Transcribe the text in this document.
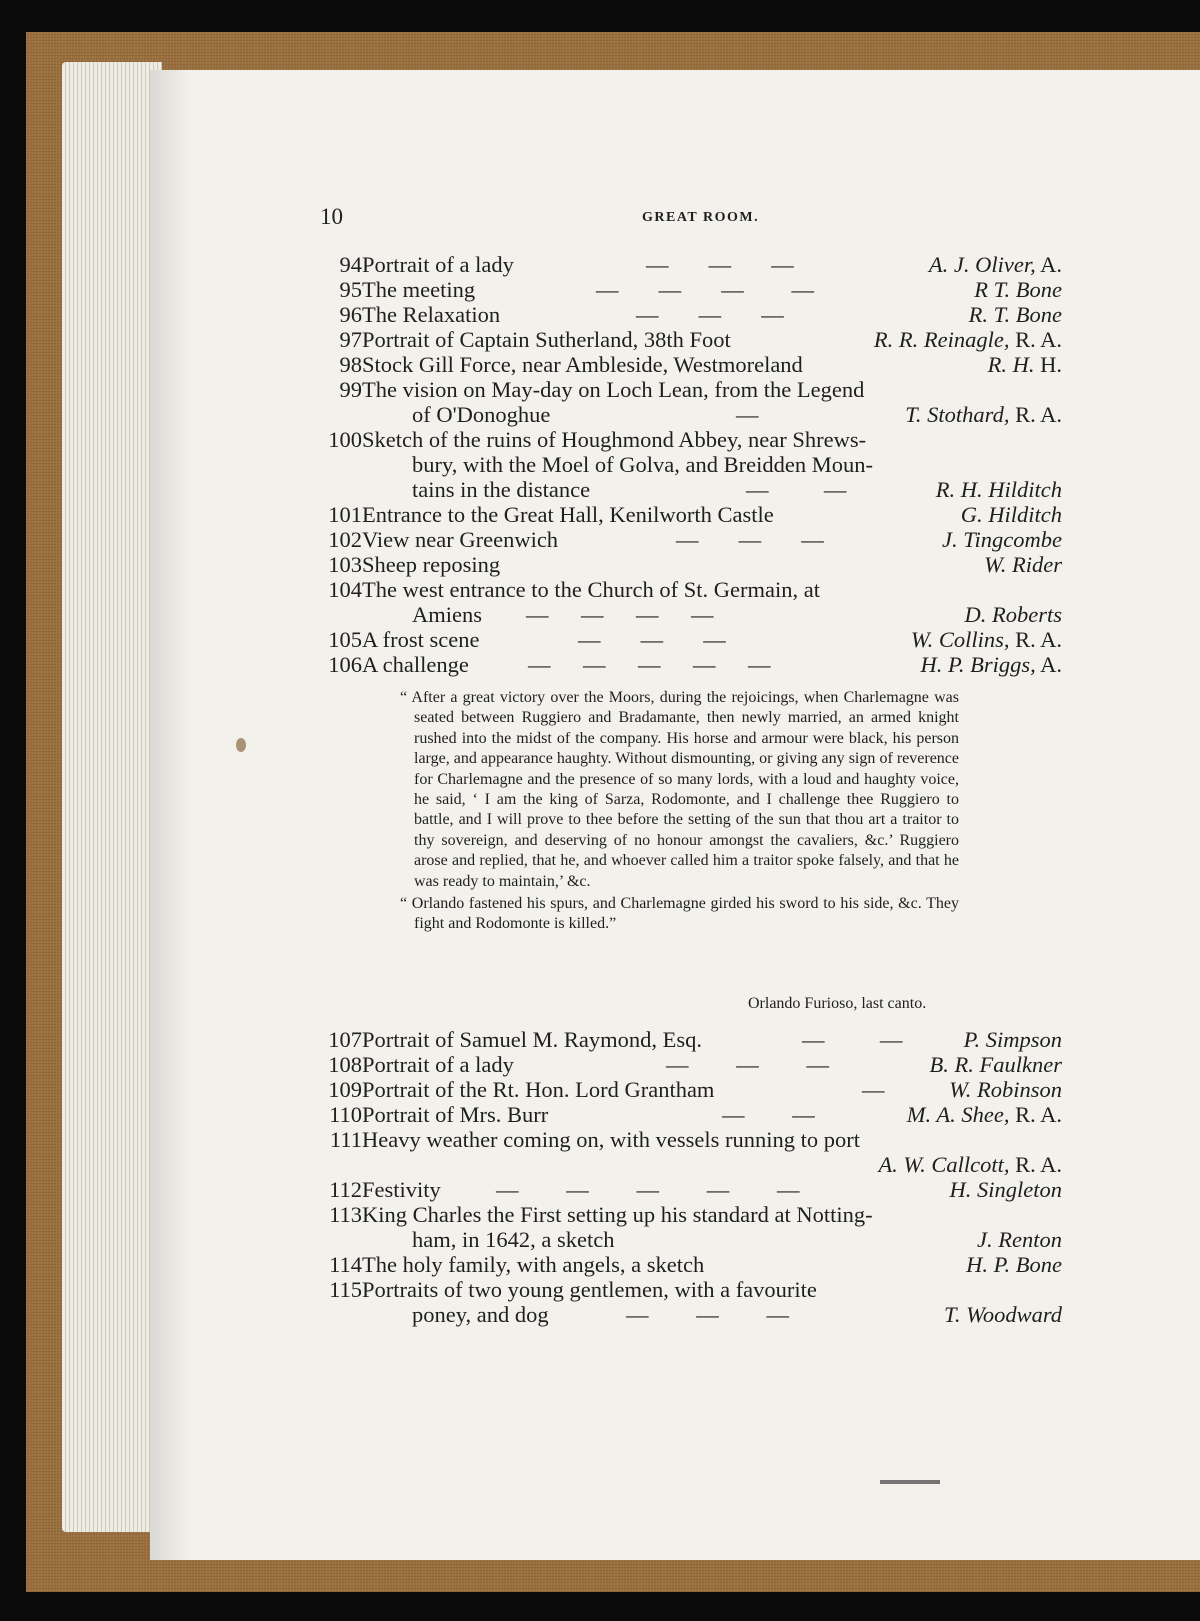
10	GREAT ROOM.
94 Portrait of a lady	—     —     —	A. J. Oliver, A.
95 The meeting	—     —     —      —	R T. Bone
96 The Relaxation	—     —     —	R. T. Bone
97 Portrait of Captain Sutherland, 38th Foot	R. R. Reinagle, R. A.
98 Stock Gill Force, near Ambleside, Westmoreland	R. H. H.
99 The vision on May-day on Loch Lean, from the Legend
of O'Donoghue	—	T. Stothard, R. A.
100 Sketch of the ruins of Houghmond Abbey, near Shrews-
bury, with the Moel of Golva, and Breidden Moun-
tains in the distance	—       —	R. H. Hilditch
101 Entrance to the Great Hall, Kenilworth Castle	G. Hilditch
102 View near Greenwich	—     —     —	J. Tingcombe
103 Sheep reposing	W. Rider
104 The west entrance to the Church of St. Germain, at
Amiens —    —    —    —	D. Roberts
105 A frost scene	—     —     —	W. Collins, R. A.
106 A challenge	—    —    —    —    —	H. P. Briggs, A.
107 Portrait of Samuel M. Raymond, Esq.	—       —	P. Simpson
108 Portrait of a lady	—      —      —	B. R. Faulkner
109 Portrait of the Rt. Hon. Lord Grantham	—	W. Robinson
110 Portrait of Mrs. Burr	—      —	M. A. Shee, R. A.
111 Heavy weather coming on, with vessels running to port
A. W. Callcott, R. A.
112 Festivity —      —      —      —      —	H. Singleton
113 King Charles the First setting up his standard at Notting-
ham, in 1642, a sketch	J. Renton
114 The holy family, with angels, a sketch	H. P. Bone
115 Portraits of two young gentlemen, with a favourite
poney, and dog	—      —      —	T. Woodward

“ After a great victory over the Moors, during the rejoicings, when Charlemagne was seated between Ruggiero and Bradamante, then newly married, an armed knight rushed into the midst of the company. His horse and armour were black, his person large, and appearance haughty. Without dismounting, or giving any sign of reverence for Charlemagne and the presence of so many lords, with a loud and haughty voice, he said, ‘ I am the king of Sarza, Rodomonte, and I challenge thee Ruggiero to battle, and I will prove to thee before the setting of the sun that thou art a traitor to thy sovereign, and deserving of no honour amongst the cavaliers, &c.’ Ruggiero arose and replied, that he, and whoever called him a traitor spoke falsely, and that he was ready to maintain,’ &c.

“ Orlando fastened his spurs, and Charlemagne girded his sword to his side, &c. They fight and Rodomonte is killed.”

Orlando Furioso, last canto.
